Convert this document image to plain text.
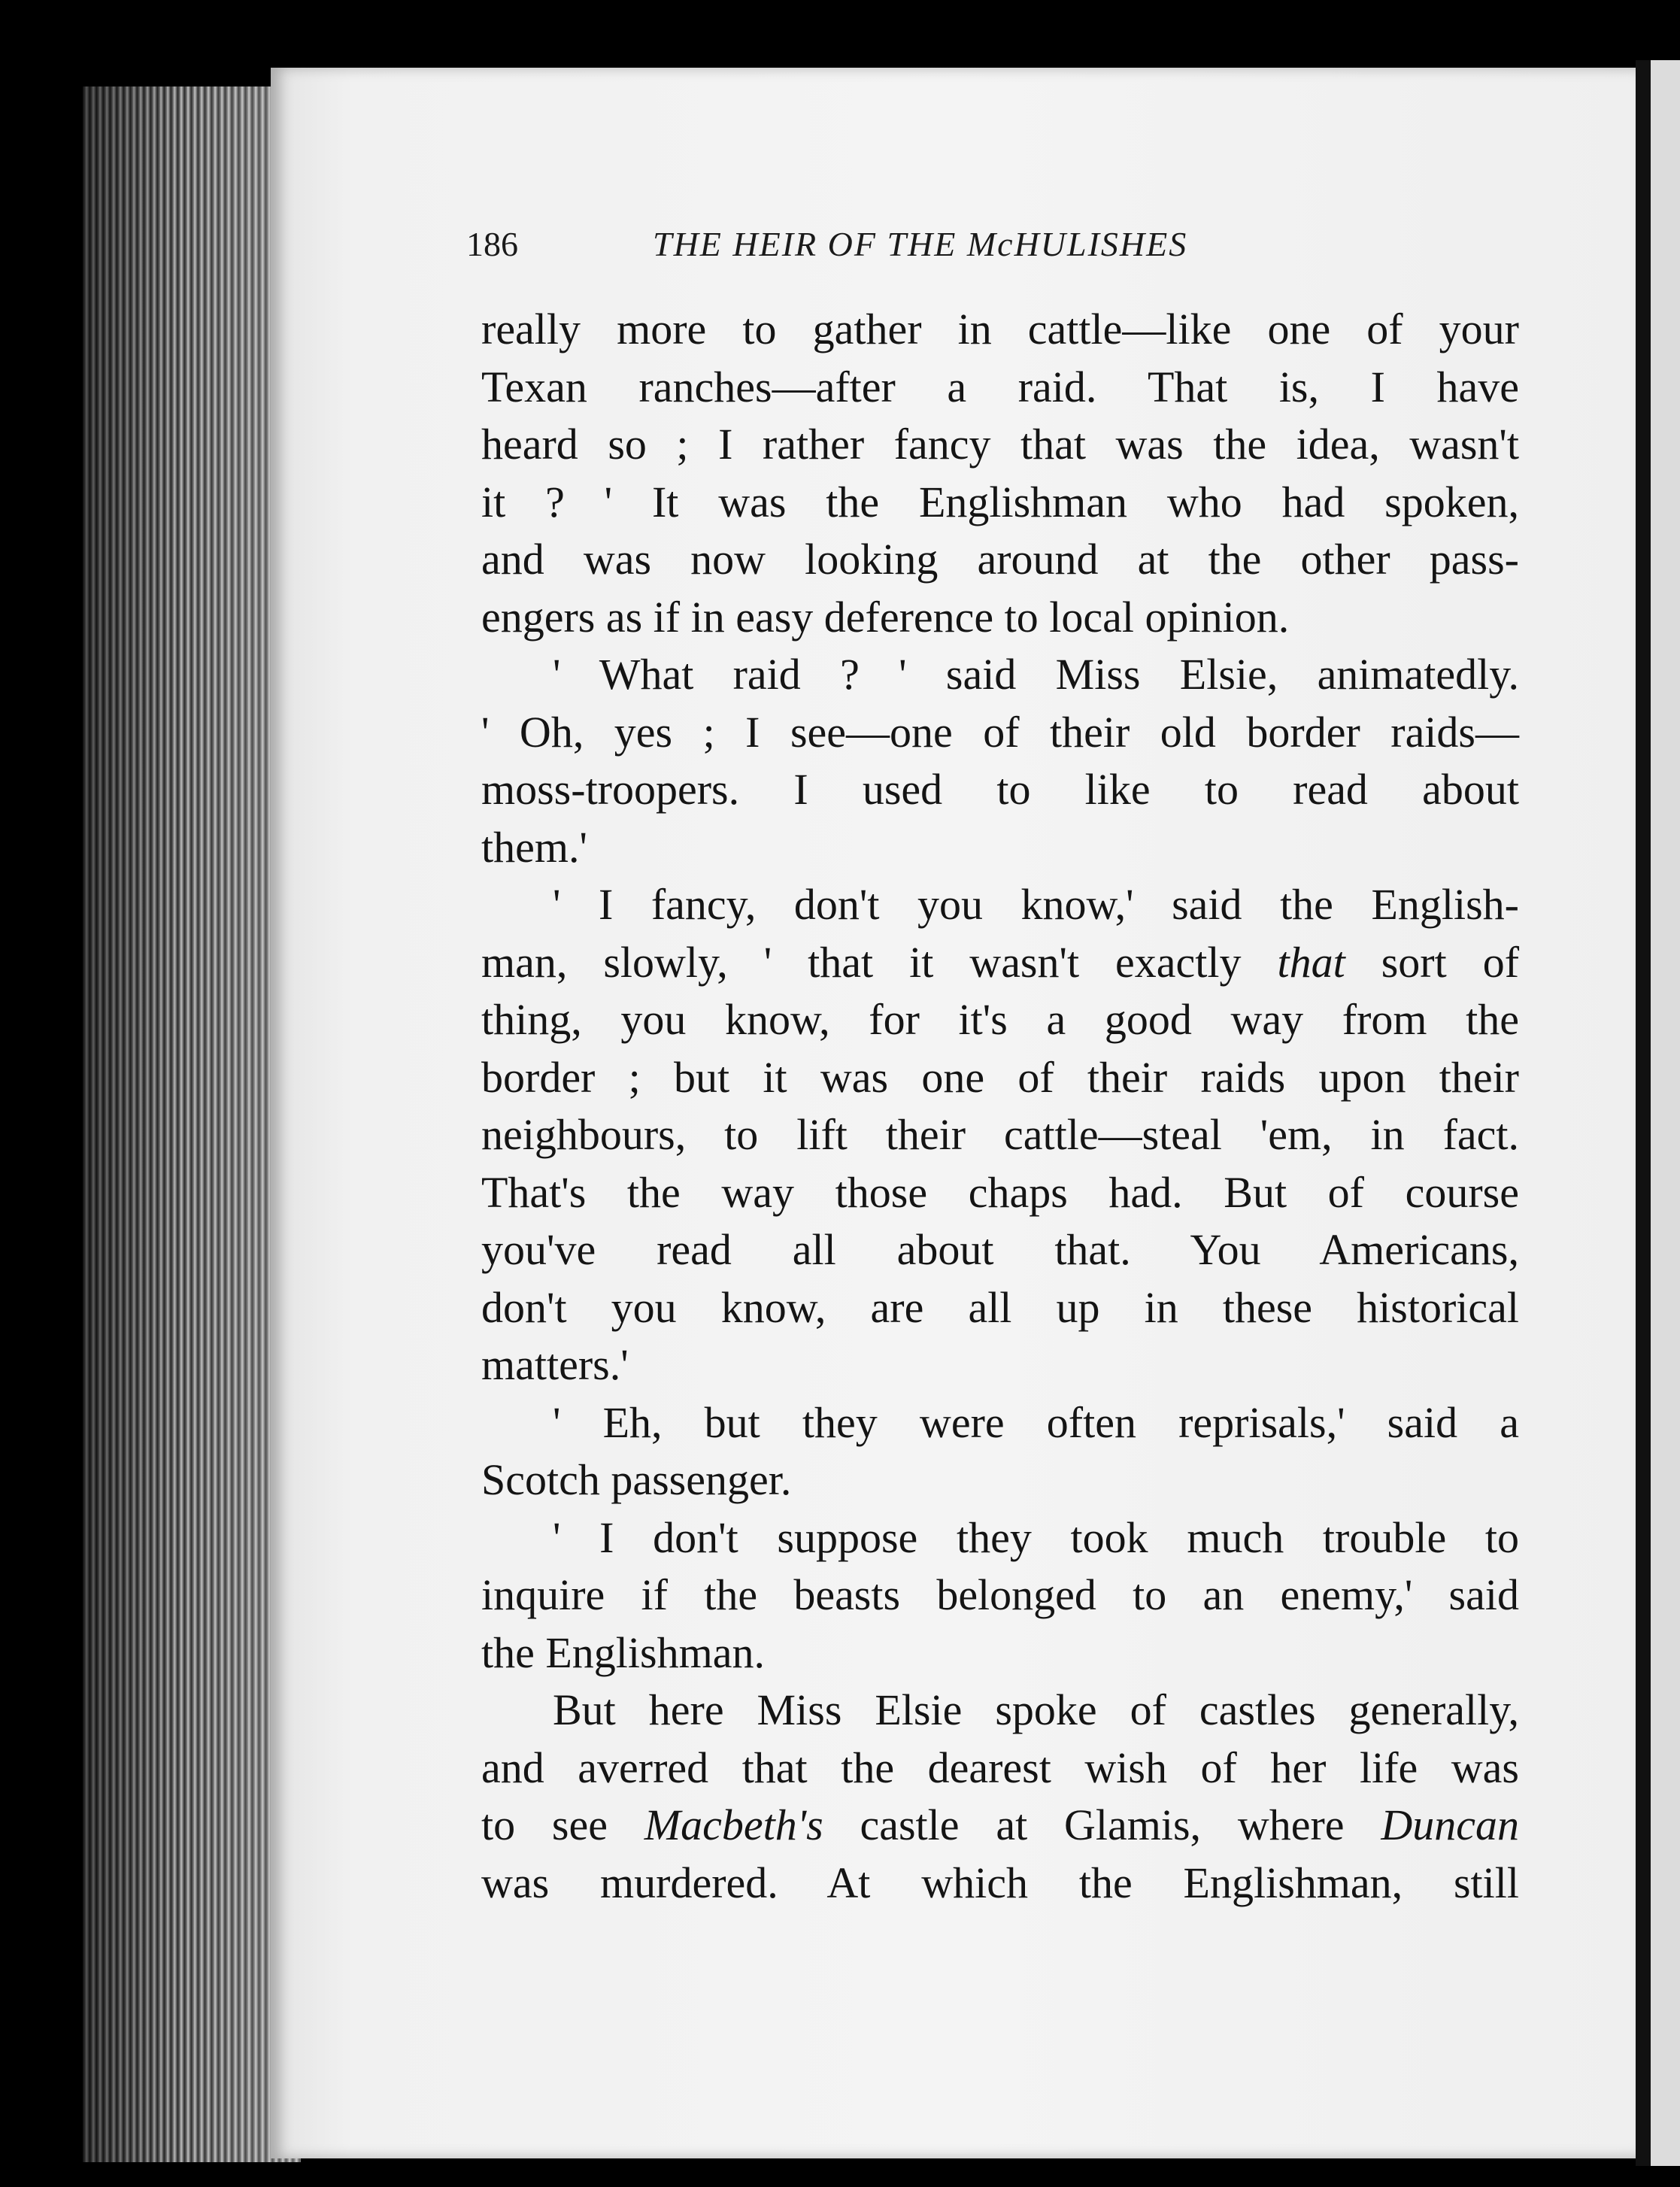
186	THE HEIR OF THE McHULISHES
really more to gather in cattle—like one of your
Texan ranches—after a raid. That is, I have
heard so ; I rather fancy that was the idea, wasn't
it ? ' It was the Englishman who had spoken,
and was now looking around at the other pass-
engers as if in easy deference to local opinion.
' What raid ? ' said Miss Elsie, animatedly.
' Oh, yes ; I see—one of their old border raids—
moss-troopers. I used to like to read about
them.'
' I fancy, don't you know,' said the English-
man, slowly, ' that it wasn't exactly that sort of
thing, you know, for it's a good way from the
border ; but it was one of their raids upon their
neighbours, to lift their cattle—steal 'em, in fact.
That's the way those chaps had. But of course
you've read all about that. You Americans,
don't you know, are all up in these historical
matters.'
' Eh, but they were often reprisals,' said a
Scotch passenger.
' I don't suppose they took much trouble to
inquire if the beasts belonged to an enemy,' said
the Englishman.
But here Miss Elsie spoke of castles generally,
and averred that the dearest wish of her life was
to see Macbeth's castle at Glamis, where Duncan
was murdered. At which the Englishman, still
